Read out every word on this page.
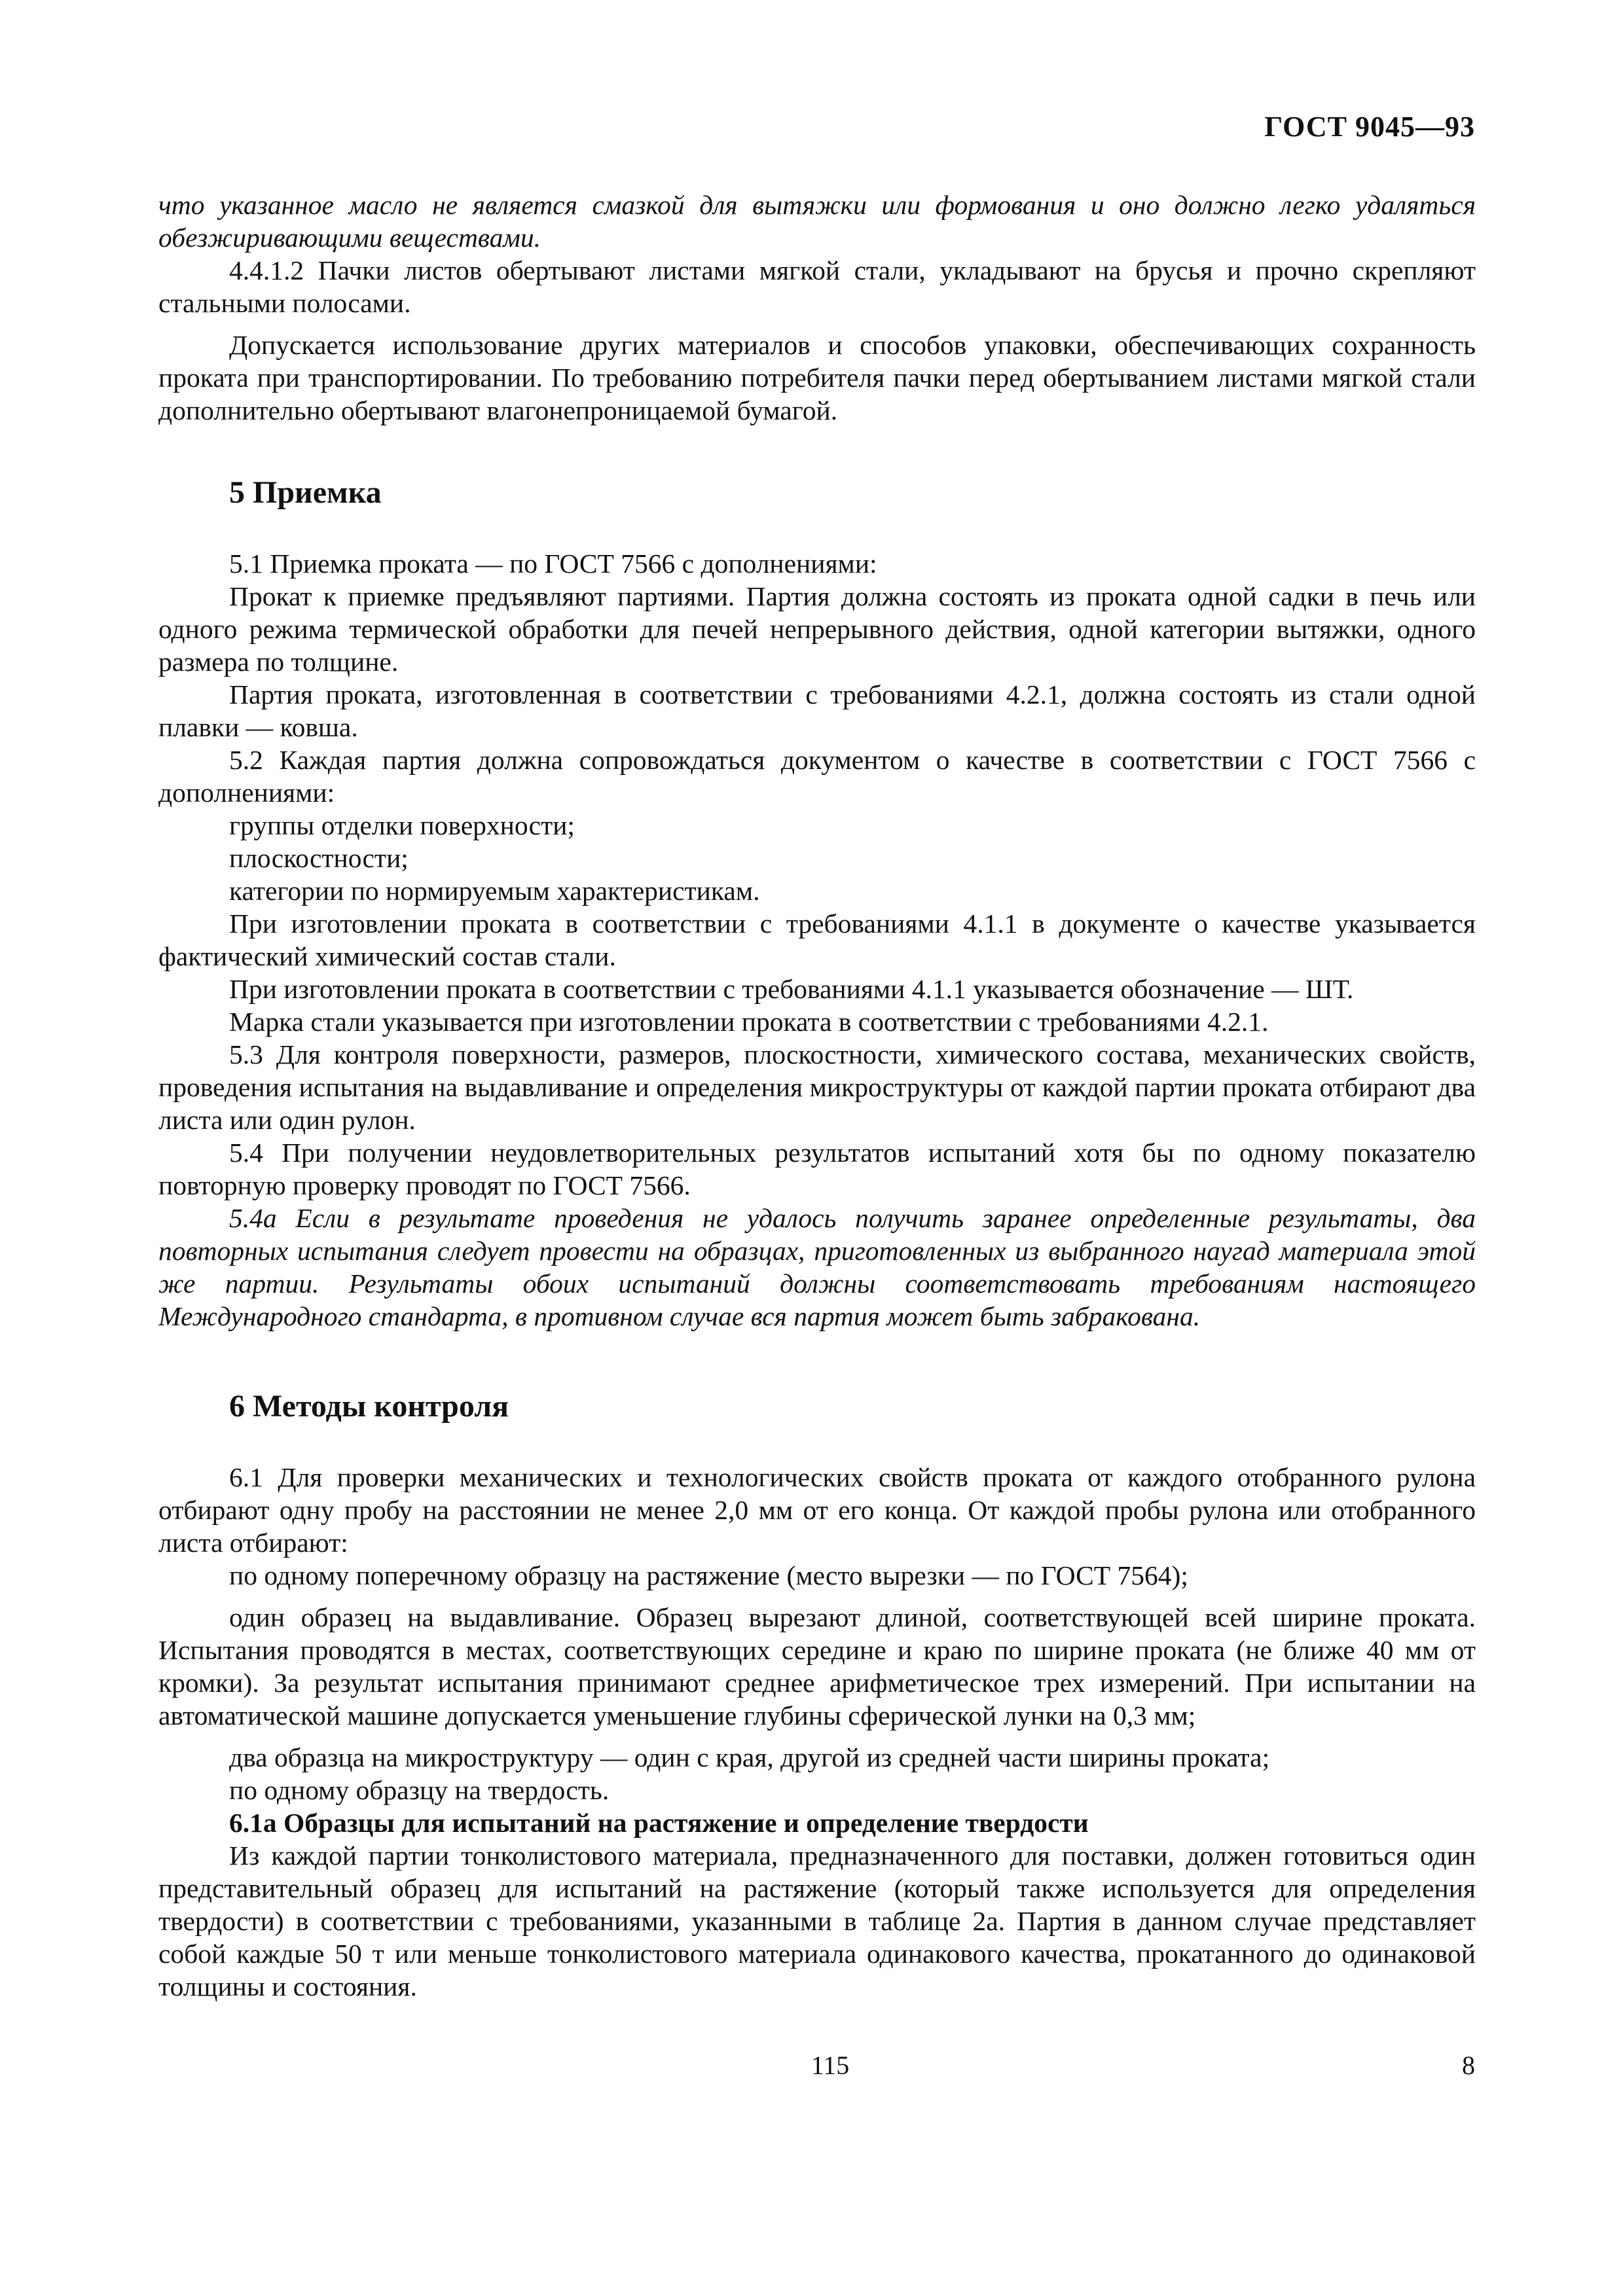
ГОСТ 9045—93

что указанное масло не является смазкой для вытяжки или формования и оно должно легко удаляться обезжиривающими веществами.

4.4.1.2 Пачки листов обертывают листами мягкой стали, укладывают на брусья и прочно скрепляют стальными полосами.

Допускается использование других материалов и способов упаковки, обеспечивающих сохранность проката при транспортировании. По требованию потребителя пачки перед обертыванием листами мягкой стали дополнительно обертывают влагонепроницаемой бумагой.

5 Приемка

5.1 Приемка проката — по ГОСТ 7566 с дополнениями:

Прокат к приемке предъявляют партиями. Партия должна состоять из проката одной садки в печь или одного режима термической обработки для печей непрерывного действия, одной категории вытяжки, одного размера по толщине.

Партия проката, изготовленная в соответствии с требованиями 4.2.1, должна состоять из стали одной плавки — ковша.

5.2 Каждая партия должна сопровождаться документом о качестве в соответствии с ГОСТ 7566 с дополнениями:

группы отделки поверхности;

плоскостности;

категории по нормируемым характеристикам.

При изготовлении проката в соответствии с требованиями 4.1.1 в документе о качестве указывается фактический химический состав стали.

При изготовлении проката в соответствии с требованиями 4.1.1 указывается обозначение — ШТ.

Марка стали указывается при изготовлении проката в соответствии с требованиями 4.2.1.

5.3 Для контроля поверхности, размеров, плоскостности, химического состава, механических свойств, проведения испытания на выдавливание и определения микроструктуры от каждой партии проката отбирают два листа или один рулон.

5.4 При получении неудовлетворительных результатов испытаний хотя бы по одному показателю повторную проверку проводят по ГОСТ 7566.

5.4а Если в результате проведения не удалось получить заранее определенные результаты, два повторных испытания следует провести на образцах, приготовленных из выбранного наугад материала этой же партии. Результаты обоих испытаний должны соответствовать требованиям настоящего Международного стандарта, в противном случае вся партия может быть забракована.

6 Методы контроля

6.1 Для проверки механических и технологических свойств проката от каждого отобранного рулона отбирают одну пробу на расстоянии не менее 2,0 мм от его конца. От каждой пробы рулона или отобранного листа отбирают:

по одному поперечному образцу на растяжение (место вырезки — по ГОСТ 7564);

один образец на выдавливание. Образец вырезают длиной, соответствующей всей ширине проката. Испытания проводятся в местах, соответствующих середине и краю по ширине проката (не ближе 40 мм от кромки). За результат испытания принимают среднее арифметическое трех измерений. При испытании на автоматической машине допускается уменьшение глубины сферической лунки на 0,3 мм;

два образца на микроструктуру — один с края, другой из средней части ширины проката;

по одному образцу на твердость.

6.1а Образцы для испытаний на растяжение и определение твердости

Из каждой партии тонколистового материала, предназначенного для поставки, должен готовиться один представительный образец для испытаний на растяжение (который также используется для определения твердости) в соответствии с требованиями, указанными в таблице 2а. Партия в данном случае представляет собой каждые 50 т или меньше тонколистового материала одинакового качества, прокатанного до одинаковой толщины и состояния.

115	8
